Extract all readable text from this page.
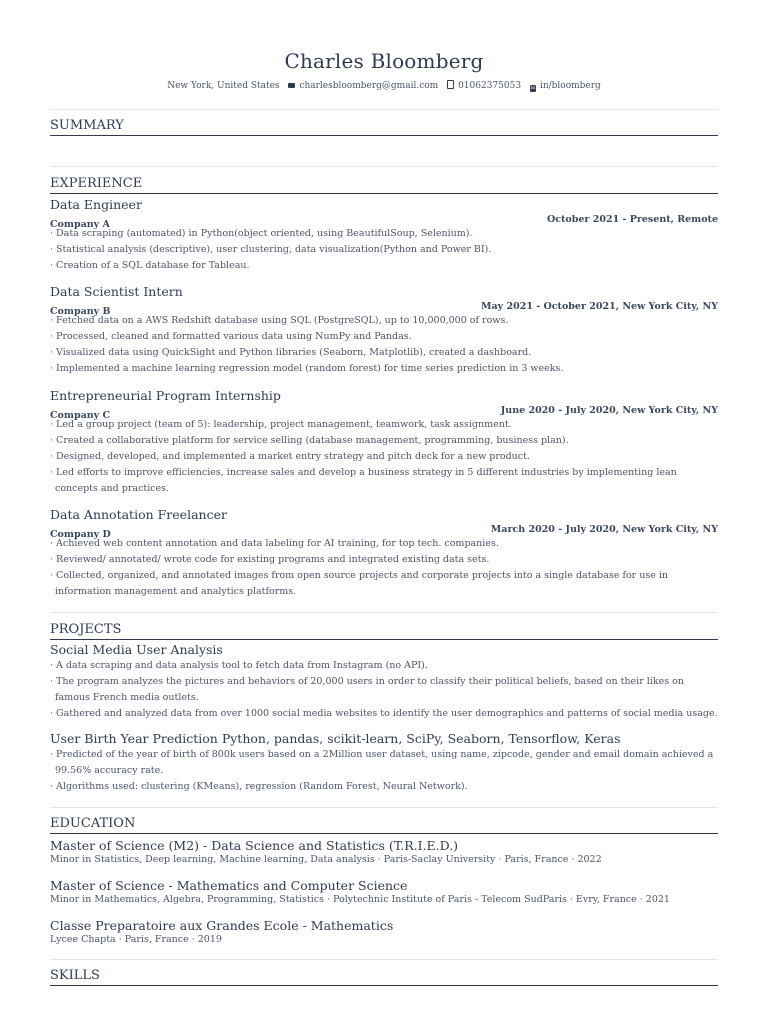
Charles Bloomberg
New York, United States charlesbloomberg@gmail.com 01062375053 in in/bloomberg
SUMMARY
EXPERIENCE
Data Engineer
Company A	October 2021 - Present, Remote
· Data scraping (automated) in Python(object oriented, using BeautifulSoup, Selenium).
· Statistical analysis (descriptive), user clustering, data visualization(Python and Power BI).
· Creation of a SQL database for Tableau.
Data Scientist Intern
Company B	May 2021 - October 2021, New York City, NY
· Fetched data on a AWS Redshift database using SQL (PostgreSQL), up to 10,000,000 of rows.
· Processed, cleaned and formatted various data using NumPy and Pandas.
· Visualized data using QuickSight and Python libraries (Seaborn, Matplotlib), created a dashboard.
· Implemented a machine learning regression model (random forest) for time series prediction in 3 weeks.
Entrepreneurial Program Internship
Company C	June 2020 - July 2020, New York City, NY
· Led a group project (team of 5): leadership, project management, teamwork, task assignment.
· Created a collaborative platform for service selling (database management, programming, business plan).
· Designed, developed, and implemented a market entry strategy and pitch deck for a new product.
· Led efforts to improve efficiencies, increase sales and develop a business strategy in 5 different industries by implementing lean concepts and practices.
Data Annotation Freelancer
Company D	March 2020 - July 2020, New York City, NY
· Achieved web content annotation and data labeling for AI training, for top tech. companies.
· Reviewed/ annotated/ wrote code for existing programs and integrated existing data sets.
· Collected, organized, and annotated images from open source projects and corporate projects into a single database for use in information management and analytics platforms.
PROJECTS
Social Media User Analysis
· A data scraping and data analysis tool to fetch data from Instagram (no API).
· The program analyzes the pictures and behaviors of 20,000 users in order to classify their political beliefs, based on their likes on famous French media outlets.
· Gathered and analyzed data from over 1000 social media websites to identify the user demographics and patterns of social media usage.
User Birth Year Prediction Python, pandas, scikit-learn, SciPy, Seaborn, Tensorflow, Keras
· Predicted of the year of birth of 800k users based on a 2Million user dataset, using name, zipcode, gender and email domain achieved a 99.56% accuracy rate.
· Algorithms used: clustering (KMeans), regression (Random Forest, Neural Network).
EDUCATION
Master of Science (M2) - Data Science and Statistics (T.R.I.E.D.)
Minor in Statistics, Deep learning, Machine learning, Data analysis · Paris-Saclay University · Paris, France · 2022
Master of Science - Mathematics and Computer Science
Minor in Mathematics, Algebra, Programming, Statistics · Polytechnic Institute of Paris - Telecom SudParis · Evry, France · 2021
Classe Preparatoire aux Grandes Ecole - Mathematics
Lycee Chapta · Paris, France · 2019
SKILLS
